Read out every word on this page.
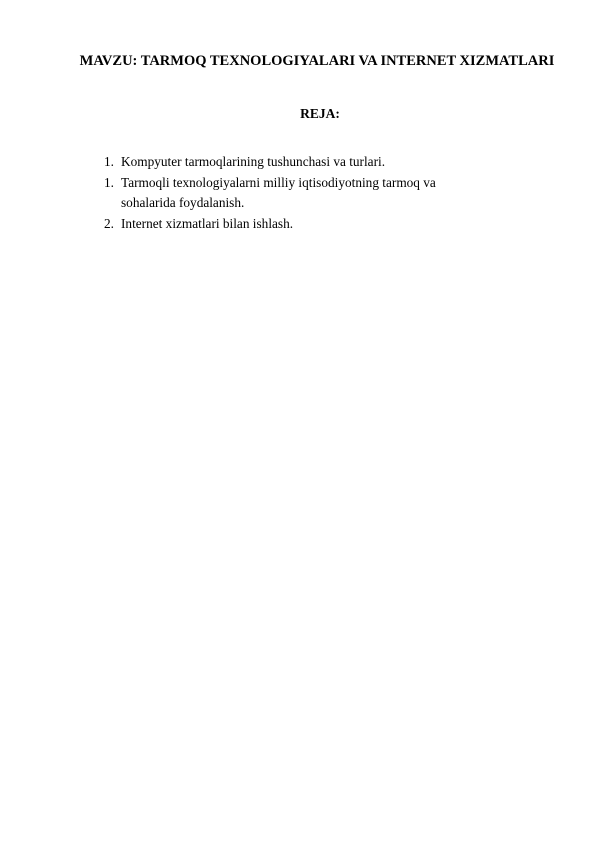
MAVZU: TARMOQ TEXNOLOGIYALARI VA INTERNET XIZMATLARI
REJA:
1. Kompyuter tarmoqlarining tushunchasi va turlari.
1. Tarmoqli texnologiyalarni milliy iqtisodiyotning tarmoq va
sohalarida foydalanish.
2. Internet xizmatlari bilan ishlash.
